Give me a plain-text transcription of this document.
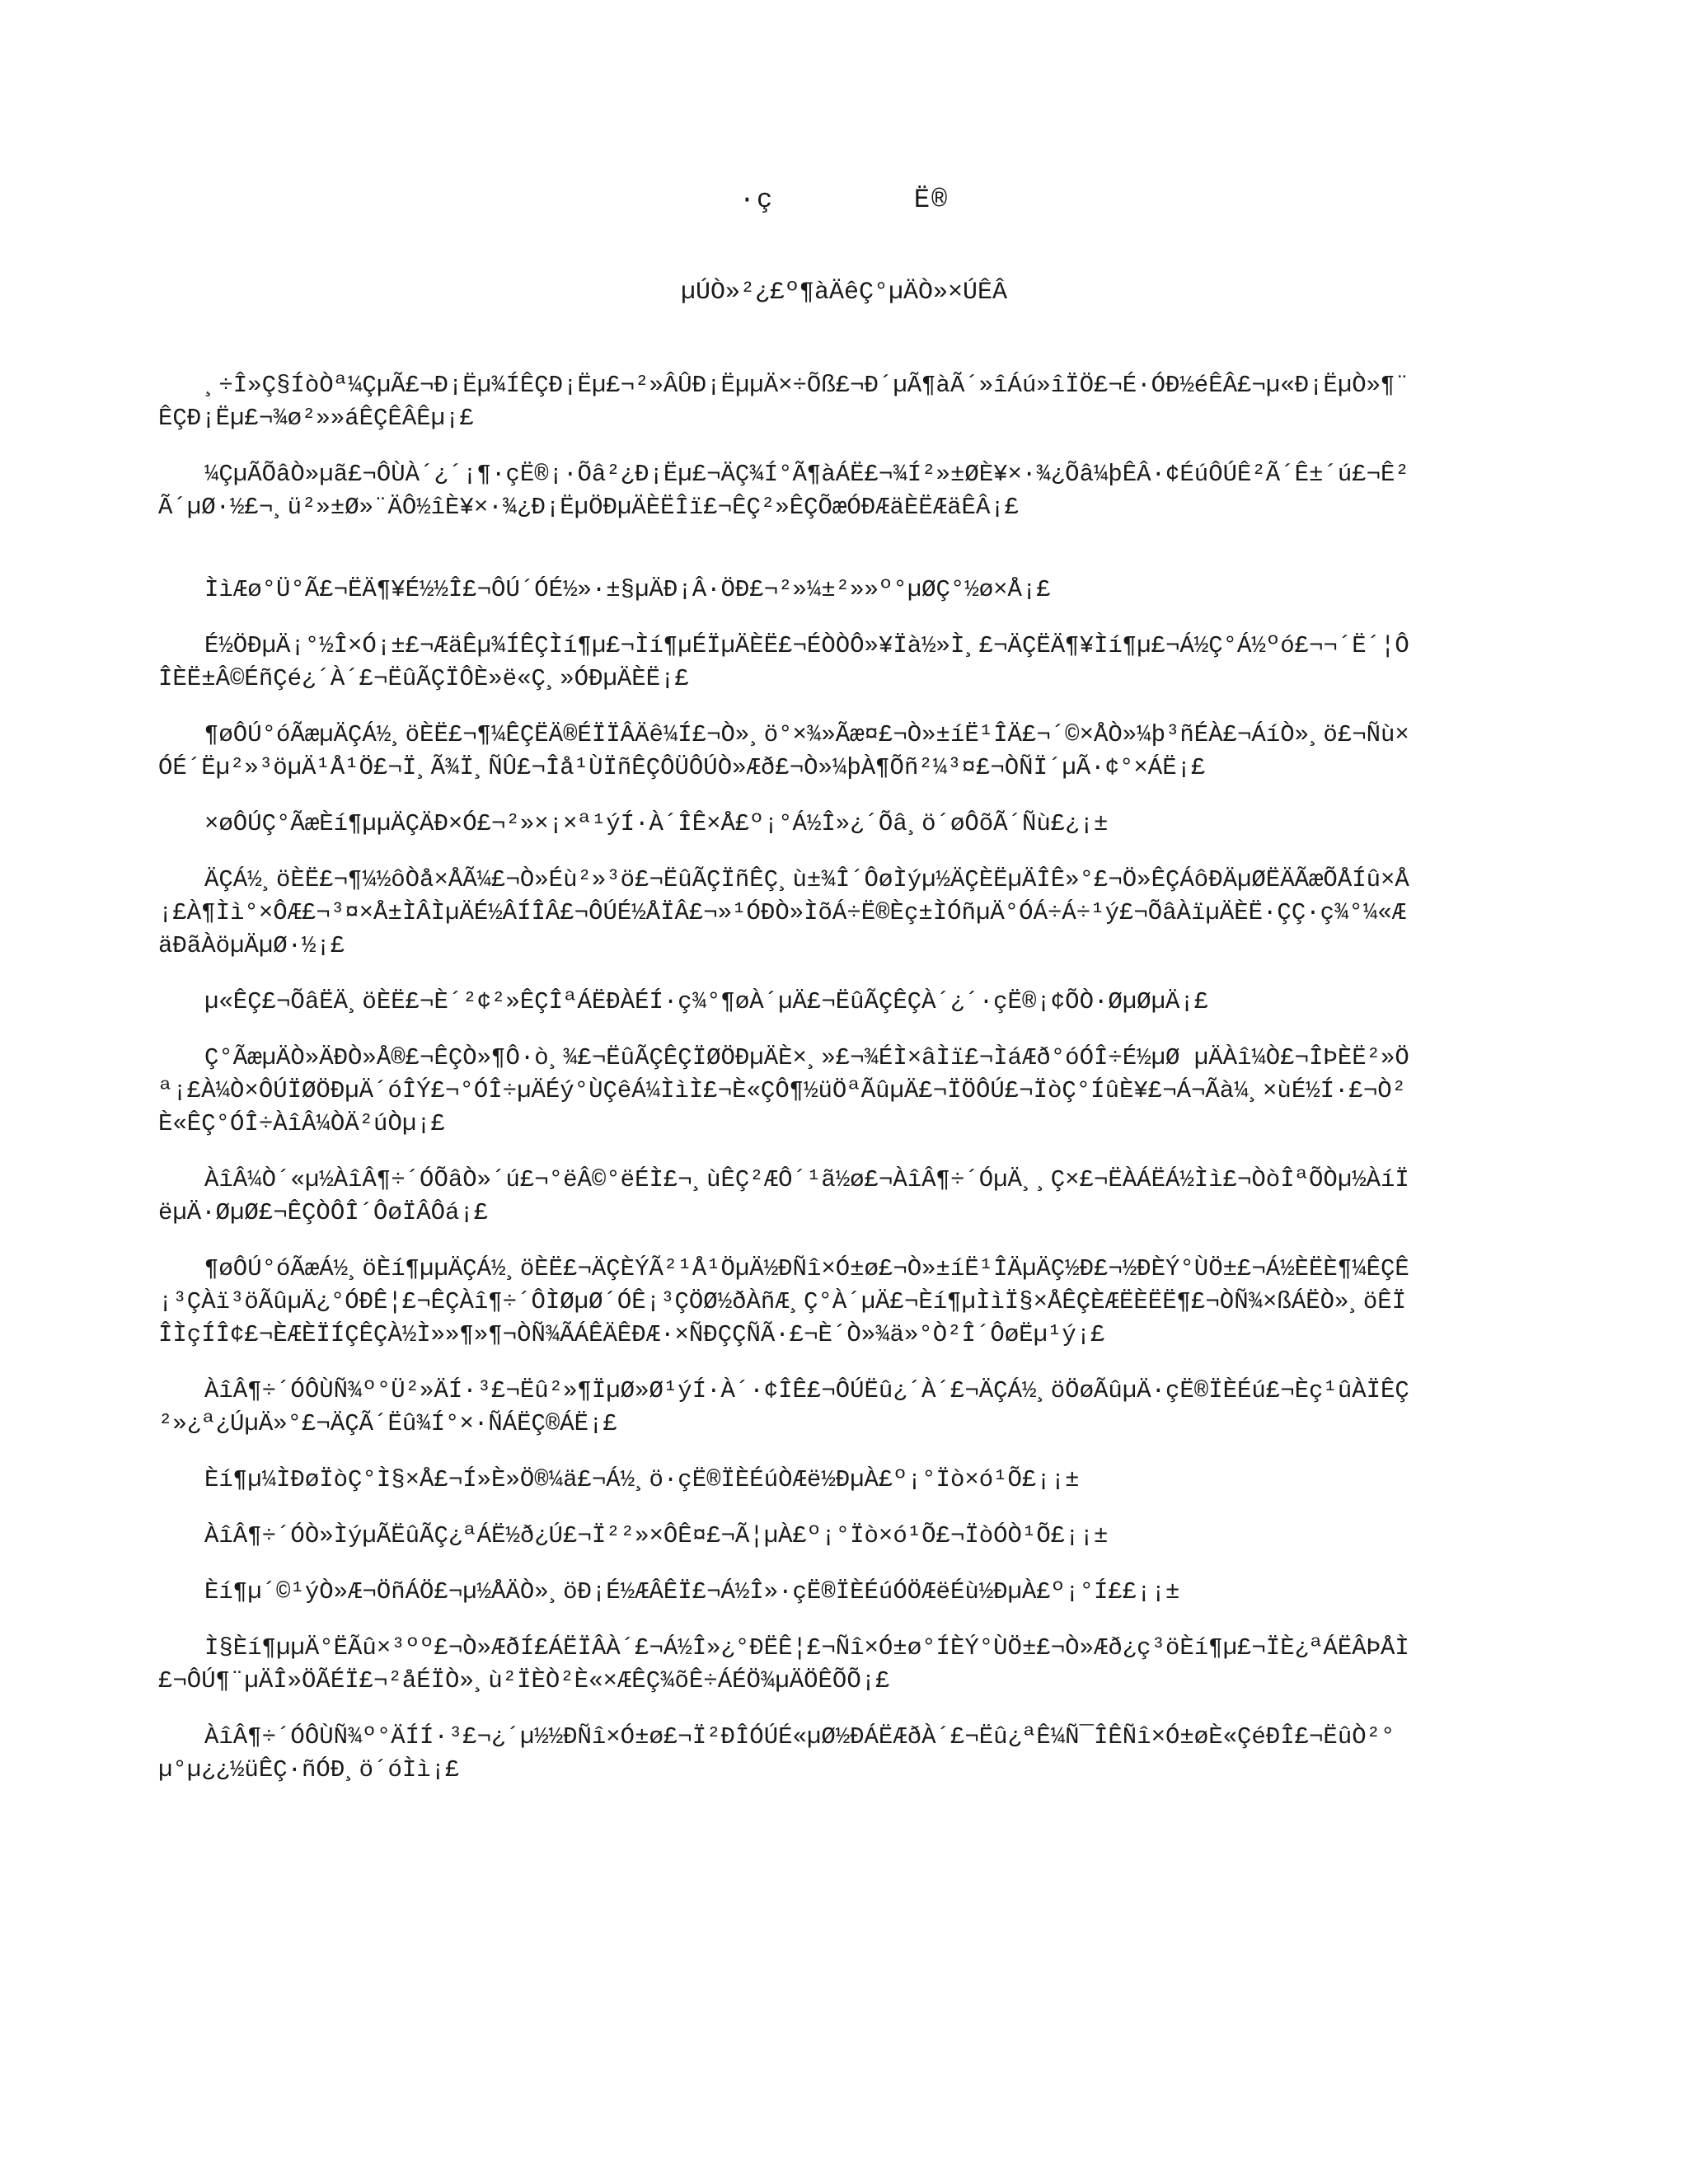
·ç        Ë®
µÚÒ»²¿£º¶àÄêÇ°µÄÒ»×ÚÊÂ

¸÷Î»Ç§ÍòÒª¼ÇµÃ£¬Ð¡Ëµ¾ÍÊÇÐ¡Ëµ£¬²»ÂÛÐ¡ËµµÄ×÷Õß£¬Ð´µÃ¶àÃ´»îÁú»îÏÖ£¬É·ÓÐ½éÊÂ£¬µ«Ð¡ËµÒ»¶¨ÊÇÐ¡Ëµ£¬¾ø²»»áÊÇÊÂÊµ¡£

¼ÇµÃÕâÒ»µã£¬ÔÙÀ´¿´¡¶·çË®¡·Õâ²¿Ð¡Ëµ£¬ÄÇ¾Í°Ã¶àÁË£¬¾Í²»±ØÈ¥×·¾¿Õâ¼þÊÂ·¢ÉúÔÚÊ²Ã´Ê±´ú£¬Ê²Ã´µØ·½£¬¸ü²»±Ø»¨ÄÔ½îÈ¥×·¾¿Ð¡ËµÖÐµÄÈËÎï£¬ÊÇ²»ÊÇÕæÓÐÆäÈËÆäÊÂ¡£

ÌìÆø°Ü°Ã£¬ËÄ¶¥É½½Î£¬ÔÚ´ÓÉ½»·±§µÄÐ¡Â·ÖÐ£¬²»¼±²»»º°µØÇ°½ø×Å¡£

É½ÖÐµÄ¡°½Î×Ó¡±£¬ÆäÊµ¾ÍÊÇÌí¶µ£¬Ìí¶µÉÏµÄÈË£¬ÉÒÒÔ»¥Ïà½»Ì¸£¬ÄÇËÄ¶¥Ìí¶µ£¬Á½Ç°Á½ºó£¬¬´Ë´¦ÔÎÈË±Â©ÉñÇé¿´À´£¬ËûÃÇÏÔÈ»ë«Ç¸»ÓÐµÄÈË¡£

¶øÔÚ°óÃæµÄÇÁ½¸öÈË£¬¶¼ÊÇËÄ®ÉÏÏÂÄê¼Í£¬Ò»¸ö°×¾»Ãæ¤£¬Ò»±íË¹ÎÄ£¬´©×ÅÒ»¼þ³ñÉÀ£¬ÁíÒ»¸ö£¬Ñù×ÓÉ´Ëµ²»³öµÄ¹Å¹Ö£¬Ï¸Ã¾Ï¸ÑÛ£¬Îå¹ÙÏñÊÇÔÜÔÚÒ»Æð£¬Ò»¼þÀ¶Õñ²¼³¤£¬ÒÑÏ´µÃ·¢°×ÁË¡£

×øÔÚÇ°ÃæÈí¶µµÄÇÄÐ×Ó£¬²»×¡×ª¹ýÍ·À´ÎÊ×Å£º¡°Á½Î»¿´Õâ¸ö´øÔõÃ´Ñù£¿¡±

ÄÇÁ½¸öÈË£¬¶¼½ôÒå×ÅÃ¼£¬Ò»Éù²»³ö£¬ËûÃÇÏñÊÇ¸ù±¾Î´ÔøÌýµ½ÄÇÈËµÄÎÊ»°£¬Ö»ÊÇÁôÐÄµØËÄÃæÕÅÍû×Å¡£À¶Ìì°×ÔÆ£¬³¤×Å±ÌÂÌµÄÉ½ÂÍÎÂ£¬ÔÚÉ½ÅÏÂ£¬»¹ÓÐÒ»ÌõÁ÷Ë®Èç±ÌÓñµÄ°ÓÁ÷Á÷¹ý£¬ÕâÀïµÄÈË·ÇÇ·ç¾°¼«ÆäÐãÀöµÄµØ·½¡£

µ«ÊÇ£¬ÕâËÄ¸öÈË£¬È´²¢²»ÊÇÎªÁËÐÀÉÍ·ç¾°¶øÀ´µÄ£¬ËûÃÇÊÇÀ´¿´·çË®¡¢ÕÒ·ØµØµÄ¡£

Ç°ÃæµÄÒ»ÄÐÒ»Å®£¬ÊÇÒ»¶Ô·ò¸¾£¬ËûÃÇÊÇÏØÖÐµÄÈ×¸»£¬¾ÉÌ×âÌï£¬ÌáÆð°óÓÎ÷É½µØ µÄÀî¼Ò£¬ÎÞÈË²»Öª¡£À¼Ò×ÔÚÏØÖÐµÄ´óÎÝ£¬°ÓÎ÷µÄÉý°ÙÇêÁ¼ÌìÌ£¬È«ÇÔ¶½üÖªÃûµÄ£¬ÏÖÔÚ£¬ÏòÇ°ÍûÈ¥£¬Á¬Ãà¼¸×ùÉ½Í·£¬Ò²È«ÊÇ°ÓÎ÷ÀîÂ¼ÒÄ²úÒµ¡£

ÀîÂ¼Ò´«µ½ÀîÂ¶÷´ÓÕâÒ»´ú£¬°ëÂ©°ëÉÌ£¬¸ùÊÇ²ÆÔ´¹ã½ø£¬ÀîÂ¶÷´ÓµÄ¸¸Ç×£¬ËÀÁËÁ½Ìì£¬ÒòÎªÕÒµ½ÀíÏëµÄ·ØµØ£¬ÊÇÒÔÎ´ÔøÏÂÔá¡£

¶øÔÚ°óÃæÁ½¸öÈí¶µµÄÇÁ½¸öÈË£¬ÄÇÈÝÃ²¹Å¹ÖµÄ½ÐÑî×Ó±ø£¬Ò»±íË¹ÎÄµÄÇ½Ð£¬½ÐÈÝ°ÙÖ±£¬Á½ÈËÈ¶¼ÊÇÊ¡³ÇÀï³öÃûµÄ¿°ÓÐÊ¦£¬ÊÇÀî¶÷´ÔÌØµØ´ÓÊ¡³ÇÖØ½ðÀñÆ¸Ç°À´µÄ£¬Èí¶µÌìÏ§×ÅÊÇÈÆËÈËË¶£¬ÒÑ¾×ßÁËÒ»¸öÊÏÎÌçÍÎ¢£¬ÈÆÈÏÍÇÊÇÀ½Ì»»¶»¶¬ÒÑ¾ÃÁÊÄÊÐÆ·×ÑÐÇÇÑÃ·£¬È´Ò»¾ä»°Ò²Î´ÔøËµ¹ý¡£

ÀîÂ¶÷´ÓÔÙÑ¾º°Ü²»ÄÍ·³£¬Ëû²»¶ÏµØ»Ø¹ýÍ·À´·¢ÎÊ£¬ÔÚËû¿´À´£¬ÄÇÁ½¸öÖøÃûµÄ·çË®ÏÈÉú£¬Èç¹ûÀÏÊÇ²»¿ª¿ÚµÄ»°£¬ÄÇÃ´Ëû¾Í°×·ÑÁËÇ®ÁË¡£

Èí¶µ¼ÌÐøÏòÇ°Ì§×Å£¬Í»È»Ö®¼ä£¬Á½¸ö·çË®ÏÈÉúÒÆë½ÐµÀ£º¡°Ïò×ó¹Õ£¡¡±

ÀîÂ¶÷´ÓÒ»ÌýµÃËûÃÇ¿ªÁË½ð¿Ú£¬Ï²²»×ÔÊ¤£¬Ã¦µÀ£º¡°Ïò×ó¹Õ£¬ÏòÓÒ¹Õ£¡¡±

Èí¶µ´©¹ýÒ»Æ¬ÖñÁÖ£¬µ½ÅÄÒ»¸öÐ¡É½ÆÂÊÏ£¬Á½Î»·çË®ÏÈÉúÓÖÆëÉù½ÐµÀ£º¡°Í££¡¡±

Ì§Èí¶µµÄ°ËÃû×³ºº£¬Ò»ÆðÍ£ÁËÏÂÀ´£¬Á½Î»¿°ÐËÊ¦£¬Ñî×Ó±ø°ÍÈÝ°ÙÖ±£¬Ò»Æð¿ç³öÈí¶µ£¬ÏÈ¿ªÁËÂÞÅÌ£¬ÔÚ¶¨µÄÎ»ÖÃÉÏ£¬²åÉÏÒ»¸ù²ÏÈÒ²È«×ÆÊÇ¾õÊ÷ÁÉÖ¾µÄÖÊÕÕ¡£

ÀîÂ¶÷´ÓÔÙÑ¾º°ÄÍÍ·³£¬¿´µ½½ÐÑî×Ó±ø£¬Ï²ÐÎÓÚÉ«µØ½ÐÁËÆðÀ´£¬Ëû¿ªÊ¼Ñ¯ÎÊÑî×Ó±øÈ«ÇéÐÎ£¬ËûÒ²°µ°µ¿¿½üÊÇ·ñÓÐ¸ö´óÌì¡£
